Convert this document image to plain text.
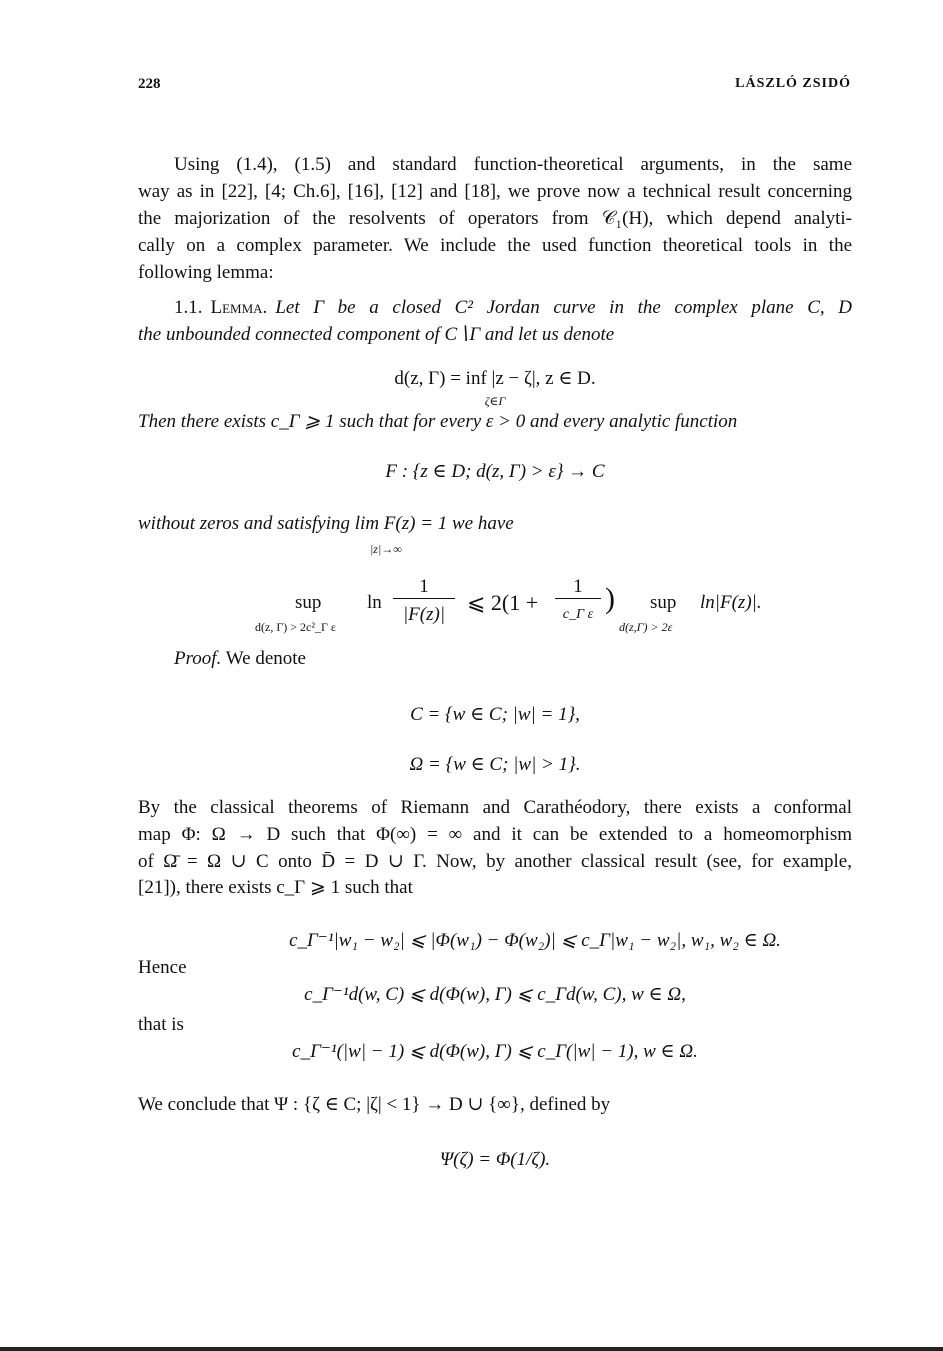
228	LÁSZLÓ ZSIDÓ
Using (1.4), (1.5) and standard function-theoretical arguments, in the same
way as in [22], [4; Ch.6], [16], [12] and [18], we prove now a technical result concerning
the majorization of the resolvents of operators from 𝒞₁(H), which depend analyti-
cally on a complex parameter. We include the used function theoretical tools in the
following lemma:
1.1. Lemma. Let Γ be a closed C² Jordan curve in the complex plane C, D
the unbounded connected component of C∖Γ and let us denote
d(z, Γ) = inf |z − ζ|, z ∈ D.
ζ∈Γ
Then there exists c_Γ ⩾ 1 such that for every ε > 0 and every analytic function
F : {z ∈ D; d(z, Γ) > ε} → C
without zeros and satisfying lim F(z) = 1 we have
|z|→∞
sup
d(z, Γ) > 2c²_Γ ε
ln
1
|F(z)| ⩽ 2(1 +
1
c_Γ ε ) sup
d(z,Γ) > 2ε
ln|F(z)|.
Proof. We denote
C = {w ∈ C; |w| = 1},
Ω = {w ∈ C; |w| > 1}.
By the classical theorems of Riemann and Carathéodory, there exists a conformal
map Φ: Ω → D such that Φ(∞) = ∞ and it can be extended to a homeomorphism
of Ω̄ = Ω ∪ C onto D̄ = D ∪ Γ. Now, by another classical result (see, for example,
[21]), there exists c_Γ ⩾ 1 such that
c_Γ⁻¹|w₁ − w₂| ⩽ |Φ(w₁) − Φ(w₂)| ⩽ c_Γ|w₁ − w₂|, w₁, w₂ ∈ Ω.
Hence
c_Γ⁻¹d(w, C) ⩽ d(Φ(w), Γ) ⩽ c_Γd(w, C), w ∈ Ω,
that is
c_Γ⁻¹(|w| − 1) ⩽ d(Φ(w), Γ) ⩽ c_Γ(|w| − 1), w ∈ Ω.
We conclude that Ψ : {ζ ∈ C; |ζ| < 1} → D ∪ {∞}, defined by
Ψ(ζ) = Φ(1/ζ).
